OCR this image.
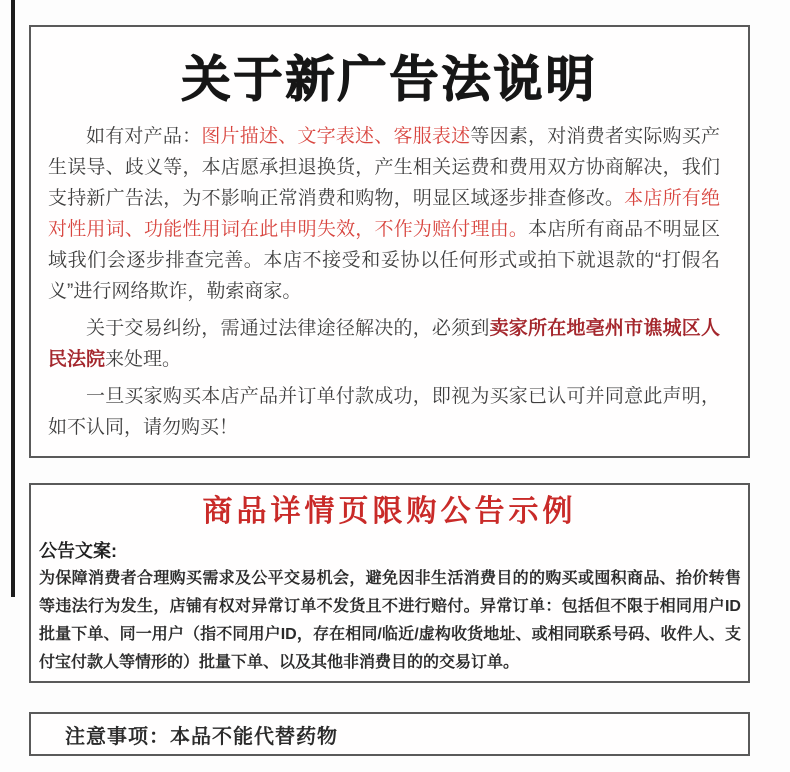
关于新广告法说明

如有对产品：图片描述、文字表述、客服表述等因素，对消费者实际购买产生误导、歧义等，本店愿承担退换货，产生相关运费和费用双方协商解决，我们支持新广告法，为不影响正常消费和购物，明显区域逐步排查修改。本店所有绝对性用词、功能性用词在此申明失效，不作为赔付理由。本店所有商品不明显区域我们会逐步排查完善。本店不接受和妥协以任何形式或拍下就退款的“打假名义”进行网络欺诈，勒索商家。

关于交易纠纷，需通过法律途径解决的，必须到卖家所在地亳州市谯城区人民法院来处理。

一旦买家购买本店产品并订单付款成功，即视为买家已认可并同意此声明，如不认同，请勿购买！

商品详情页限购公告示例
公告文案:

为保障消费者合理购买需求及公平交易机会，避免因非生活消费目的的购买或囤积商品、抬价转售等违法行为发生，店铺有权对异常订单不发货且不进行赔付。异常订单：包括但不限于相同用户ID批量下单、同一用户（指不同用户ID，存在相同/临近/虚构收货地址、或相同联系号码、收件人、支付宝付款人等情形的）批量下单、以及其他非消费目的的交易订单。

注意事项：本品不能代替药物
